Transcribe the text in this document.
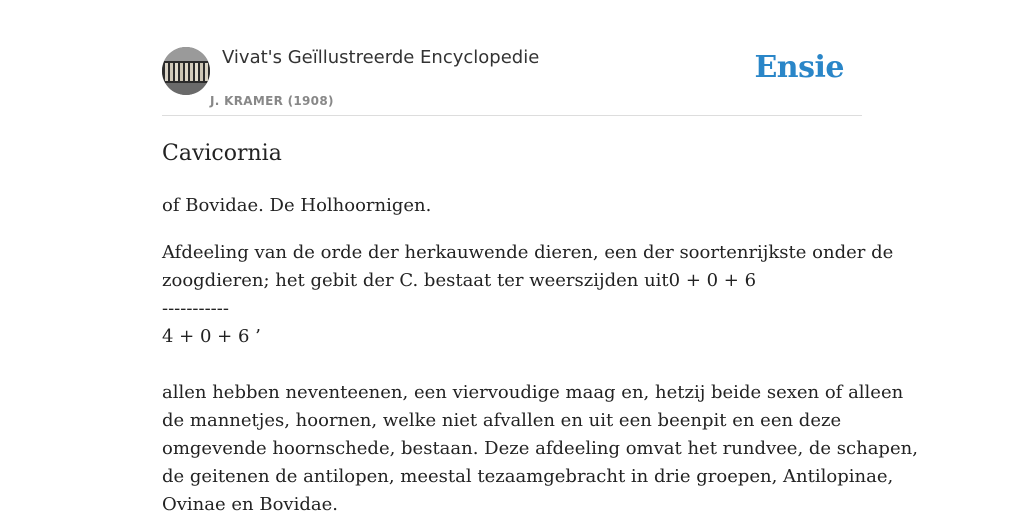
Vivat's Geïllustreerde Encyclopedie
J. KRAMER (1908)
Ensie
Cavicornia

of Bovidae. De Holhoornigen.

Afdeeling van de orde der herkauwende dieren, een der soortenrijkste onder de
zoogdieren; het gebit der C. bestaat ter weerszijden uit0 + 0 + 6
-----------
4 + 0 + 6 ’

allen hebben neventeenen, een viervoudige maag en, hetzij beide sexen of alleen
de mannetjes, hoornen, welke niet afvallen en uit een beenpit en een deze
omgevende hoornschede, bestaan. Deze afdeeling omvat het rundvee, de schapen,
de geitenen de antilopen, meestal tezaamgebracht in drie groepen, Antilopinae,
Ovinae en Bovidae.
